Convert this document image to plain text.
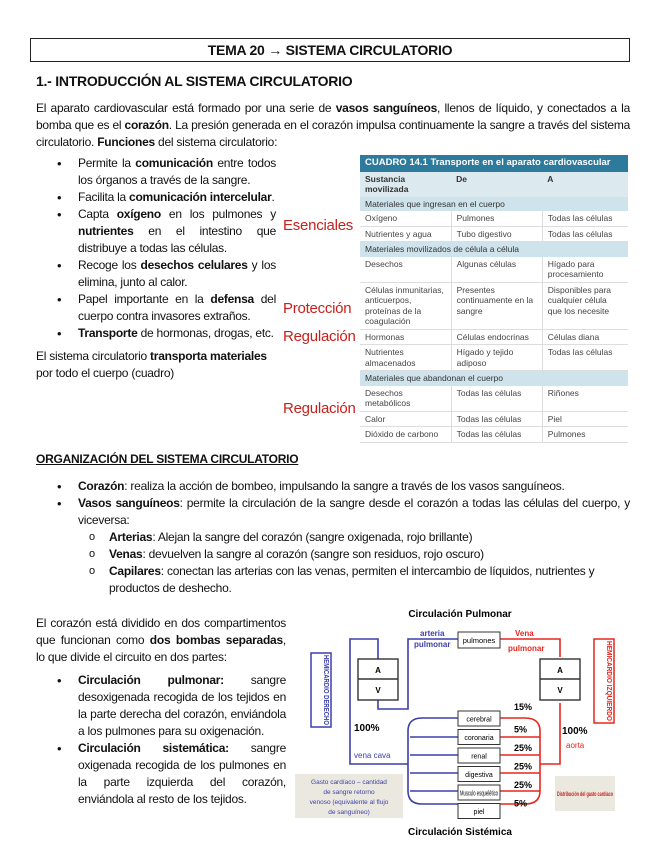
TEMA 20 → SISTEMA CIRCULATORIO
1.- INTRODUCCIÓN AL SISTEMA CIRCULATORIO

El aparato cardiovascular está formado por una serie de vasos sanguíneos, llenos de líquido, y conectados a la bomba que es el corazón. La presión generada en el corazón impulsa continuamente la sangre a través del sistema circulatorio. Funciones del sistema circulatorio:

• Permite la comunicación entre todos los órganos a través de la sangre.
• Facilita la comunicación intercelular.
• Capta oxígeno en los pulmones y nutrientes en el intestino que distribuye a todas las células.
• Recoge los desechos celulares y los elimina, junto al calor.
• Papel importante en la defensa del cuerpo contra invasores extraños.
• Transporte de hormonas, drogas, etc.

El sistema circulatorio transporta materiales por todo el cuerpo (cuadro)

Esenciales
Protección
Regulación
Regulación
CUADRO 14.1 Transporte en el aparato cardiovascular		
Sustancia movilizada	De	A
Materiales que ingresan en el cuerpo		
Oxígeno	Pulmones	Todas las células
Nutrientes y agua	Tubo digestivo	Todas las células
Materiales movilizados de célula a célula		
Desechos	Algunas células	Hígado para procesamiento
Células inmunitarias, anticuerpos, proteínas de la coagulación	Presentes continuamente en la sangre	Disponibles para cualquier célula que los necesite
Hormonas	Células endocrinas	Células diana
Nutrientes almacenados	Hígado y tejido adiposo	Todas las células
Materiales que abandonan el cuerpo		
Desechos metabólicos	Todas las células	Riñones
Calor	Todas las células	Piel
Dióxido de carbono	Todas las células	Pulmones
ORGANIZACIÓN DEL SISTEMA CIRCULATORIO
• Corazón: realiza la acción de bombeo, impulsando la sangre a través de los vasos sanguíneos.
• Vasos sanguíneos: permite la circulación de la sangre desde el corazón a todas las células del cuerpo, y viceversa:
o Arterias: Alejan la sangre del corazón (sangre oxigenada, rojo brillante)
o Venas: devuelven la sangre al corazón (sangre son residuos, rojo oscuro)
o Capilares: conectan las arterias con las venas, permiten el intercambio de líquidos, nutrientes y productos de deshecho.

El corazón está dividido en dos compartimentos que funcionan como dos bombas separadas, lo que divide el circuito en dos partes:

• Circulación pulmonar: sangre desoxigenada recogida de los tejidos en la parte derecha del corazón, enviándola a los pulmones para su oxigenación.
• Circulación sistemática: sangre oxigenada recogida de los pulmones en la parte izquierda del corazón, enviándola al resto de los tejidos.
Circulación Pulmonar
Circulación Sistémica
HEMICARDIO DERECHO	A
V
A
V	HEMICARDIO IZQUIERDO
arteria
pulmonar pulmones
Vena
pulmonar
100%	100%
vena cava
aorta
cerebral
15%
coronaria
5%
renal
25%
digestiva
25%
Musculo esquelético
25%
piel
5%
Gasto cardíaco – cantidad de sangre retorno venoso (equivalente al flujo de sanguíneo)
Distribución del gasto cardíaco
